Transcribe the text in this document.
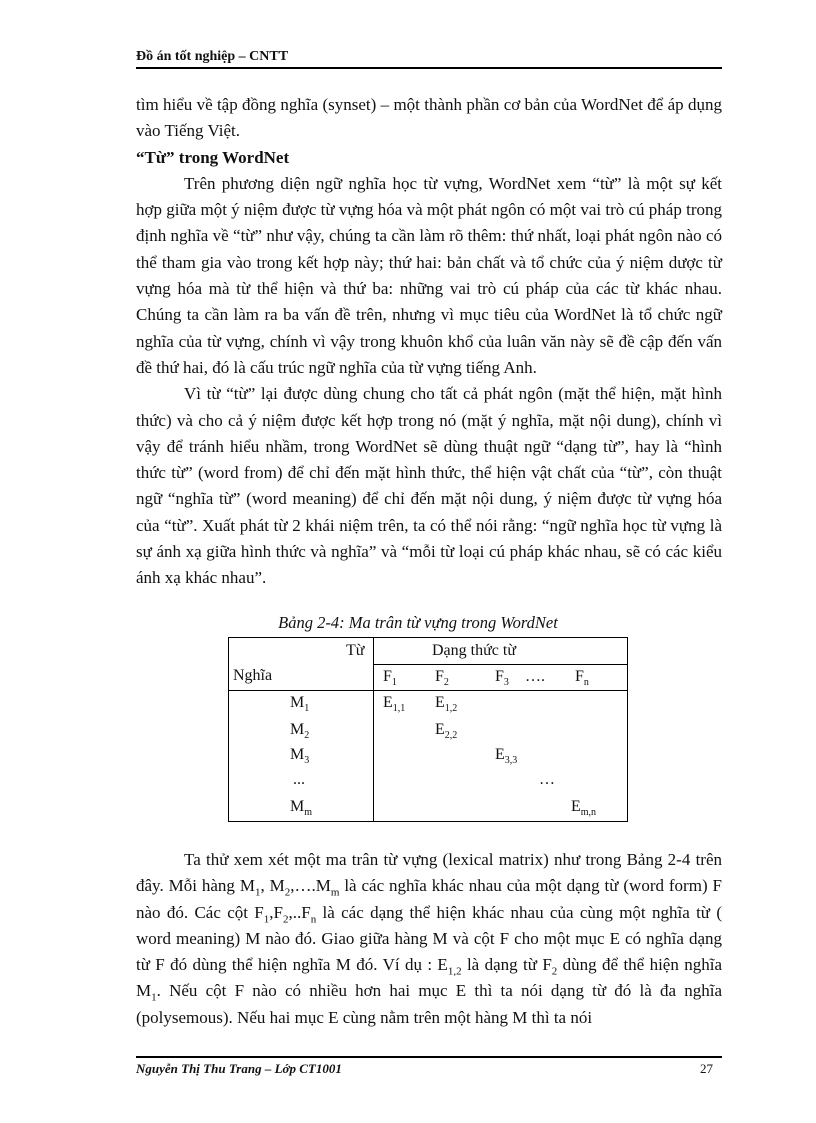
Đồ án tốt nghiệp – CNTT

tìm hiểu về tập đồng nghĩa (synset) – một thành phần cơ bản của WordNet để áp dụng vào Tiếng Việt.

“Từ” trong WordNet

Trên phương diện ngữ nghĩa học từ vựng, WordNet xem “từ” là một sự kết hợp giữa một ý niệm được từ vựng hóa và một phát ngôn có một vai trò cú pháp trong định nghĩa về “từ” như vậy, chúng ta cần làm rõ thêm: thứ nhất, loại phát ngôn nào có thể tham gia vào trong kết hợp này; thứ hai: bản chất và tổ chức của ý niệm dược từ vựng hóa mà từ thể hiện và thứ ba: những vai trò cú pháp của các từ khác nhau. Chúng ta cần làm ra ba vấn đề trên, nhưng vì mục tiêu của WordNet là tổ chức ngữ nghĩa của từ vựng, chính vì vậy trong khuôn khổ của luân văn này sẽ đề cập đến vấn đề thứ hai, đó là cấu trúc ngữ nghĩa của từ vựng tiếng Anh.

Vì từ “từ” lại được dùng chung cho tất cả phát ngôn (mặt thể hiện, mặt hình thức) và cho cả ý niệm được kết hợp trong nó (mặt ý nghĩa, mặt nội dung), chính vì vậy để tránh hiểu nhầm, trong WordNet sẽ dùng thuật ngữ “dạng từ”, hay là “hình thức từ” (word from) để chỉ đến mặt hình thức, thể hiện vật chất của “từ”, còn thuật ngữ “nghĩa từ” (word meaning) để chỉ đến mặt nội dung, ý niệm được từ vựng hóa của “từ”. Xuất phát từ 2 khái niệm trên, ta có thể nói rằng: “ngữ nghĩa học từ vựng là sự ánh xạ giữa hình thức và nghĩa” và “mỗi từ loại cú pháp khác nhau, sẽ có các kiểu ánh xạ khác nhau”.

Bảng 2-4: Ma trân từ vựng trong WordNet
Từ
Nghĩa
Dạng thức từ
$F_1$ $F_2$	$F_3$ …. $F_n$
$M_1$
$M_2$
$M_3$
...
$M_m$
$E_{1,1}$ $E_{1,2}$
$E_{2,2}$
$E_{3,3}$
…
$E_{m,n}$

Ta thử xem xét một ma trân từ vựng (lexical matrix) như trong Bảng 2-4 trên đây. Mỗi hàng $M_1$, $M_2,\dots.M_m$ là các nghĩa khác nhau của một dạng từ (word form) F nào đó. Các cột $F_1,F_2,..F_n$ là các dạng thể hiện khác nhau của cùng một nghĩa từ ( word meaning) M nào đó. Giao giữa hàng M và cột F cho một mục E có nghĩa dạng từ F đó dùng thể hiện nghĩa M đó. Ví dụ : $E_{1,2}$ là dạng từ $F_2$ dùng để thể hiện nghĩa $M_1$. Nếu cột F nào có nhiều hơn hai mục E thì ta nói dạng từ đó là đa nghĩa (polysemous). Nếu hai mục E cùng nằm trên một hàng M thì ta nói

Nguyễn Thị Thu Trang – Lớp CT1001	27
